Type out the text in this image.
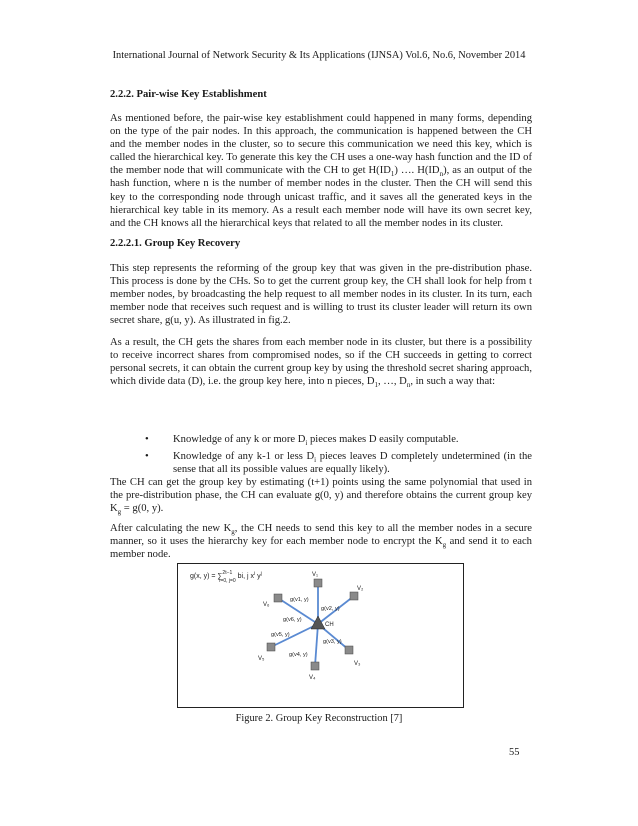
International Journal of Network Security & Its Applications (IJNSA) Vol.6, No.6, November 2014
2.2.2. Pair-wise Key Establishment

As mentioned before, the pair-wise key establishment could happened in many forms, depending on the type of the pair nodes. In this approach, the communication is happened between the CH and the member nodes in the cluster, so to secure this communication we need this key, which is called the hierarchical key. To generate this key the CH uses a one-way hash function and the ID of the member node that will communicate with the CH to get $H(ID_1)$ …. $H(ID_n)$, as an output of the hash function, where n is the number of member nodes in the cluster. Then the CH will send this key to the corresponding node through unicast traffic, and it saves all the generated keys in the hierarchical key table in its memory. As a result each member node will have its own secret key, and the CH knows all the hierarchical keys that related to all the member nodes in its cluster.

2.2.2.1. Group Key Recovery

This step represents the reforming of the group key that was given in the pre-distribution phase. This process is done by the CHs. So to get the current group key, the CH shall look for help from t member nodes, by broadcasting the help request to all member nodes in its cluster. In its turn, each member node that receives such request and is willing to trust its cluster leader will return its own secret share, g(u, y). As illustrated in fig.2.

As a result, the CH gets the shares from each member node in its cluster, but there is a possibility to receive incorrect shares from compromised nodes, so if the CH succeeds in getting to correct personal secrets, it can obtain the current group key by using the threshold secret sharing approach, which divide data (D), i.e. the group key here, into n pieces, $D_1$, …, $D_n$, in such a way that:

• Knowledge of any k or more $D_i$ pieces makes D easily computable.
• Knowledge of any k-1 or less $D_i$ pieces leaves D completely undetermined (in the sense that all its possible values are equally likely).

The CH can get the group key by estimating (t+1) points using the same polynomial that used in the pre-distribution phase, the CH can evaluate g(0, y) and therefore obtains the current group key $K_g = g(0$, y).

After calculating the new $K_g$, the CH needs to send this key to all the member nodes in a secure manner, so it uses the hierarchy key for each member node to encrypt the $K_g$ and send it to each member node.

g(x, y) = ∑$^{2t-1}$ i=0, j=0 bi, j $x^i$ $y^j$
CH
V₁
V₂
V₃
V₄
V₅
V₆
g(v1, y)
g(v2, y)
g(v3, y)
g(v4, y)
g(v5, y)
g(v6, y)
Figure 2. Group Key Reconstruction [7]
55
